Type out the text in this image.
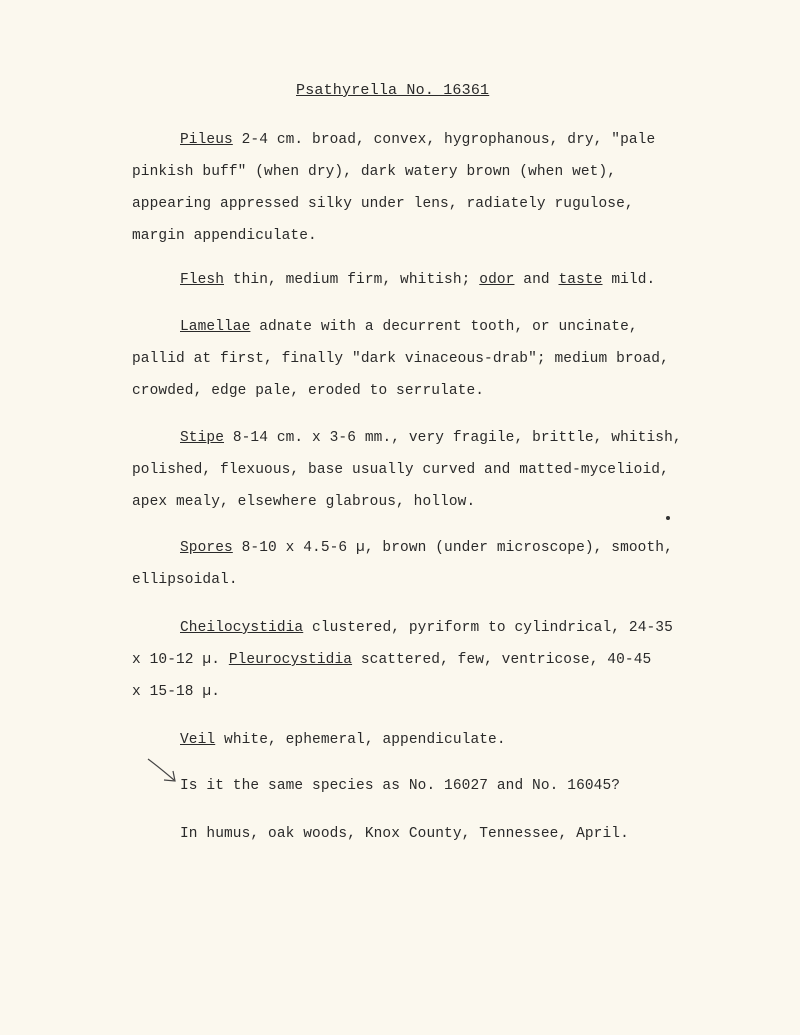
Psathyrella No. 16361
Pileus 2-4 cm. broad, convex, hygrophanous, dry, "pale
pinkish buff" (when dry), dark watery brown (when wet),
appearing appressed silky under lens, radiately rugulose,
margin appendiculate.
Flesh thin, medium firm, whitish; odor and taste mild.
Lamellae adnate with a decurrent tooth, or uncinate,
pallid at first, finally "dark vinaceous-drab"; medium broad,
crowded, edge pale, eroded to serrulate.
Stipe 8-14 cm. x 3-6 mm., very fragile, brittle, whitish,
polished, flexuous, base usually curved and matted-mycelioid,
apex mealy, elsewhere glabrous, hollow.
Spores 8-10 x 4.5-6 µ, brown (under microscope), smooth,
ellipsoidal.
Cheilocystidia clustered, pyriform to cylindrical, 24-35
x 10-12 µ. Pleurocystidia scattered, few, ventricose, 40-45
x 15-18 µ.
Veil white, ephemeral, appendiculate.
Is it the same species as No. 16027 and No. 16045?
In humus, oak woods, Knox County, Tennessee, April.
